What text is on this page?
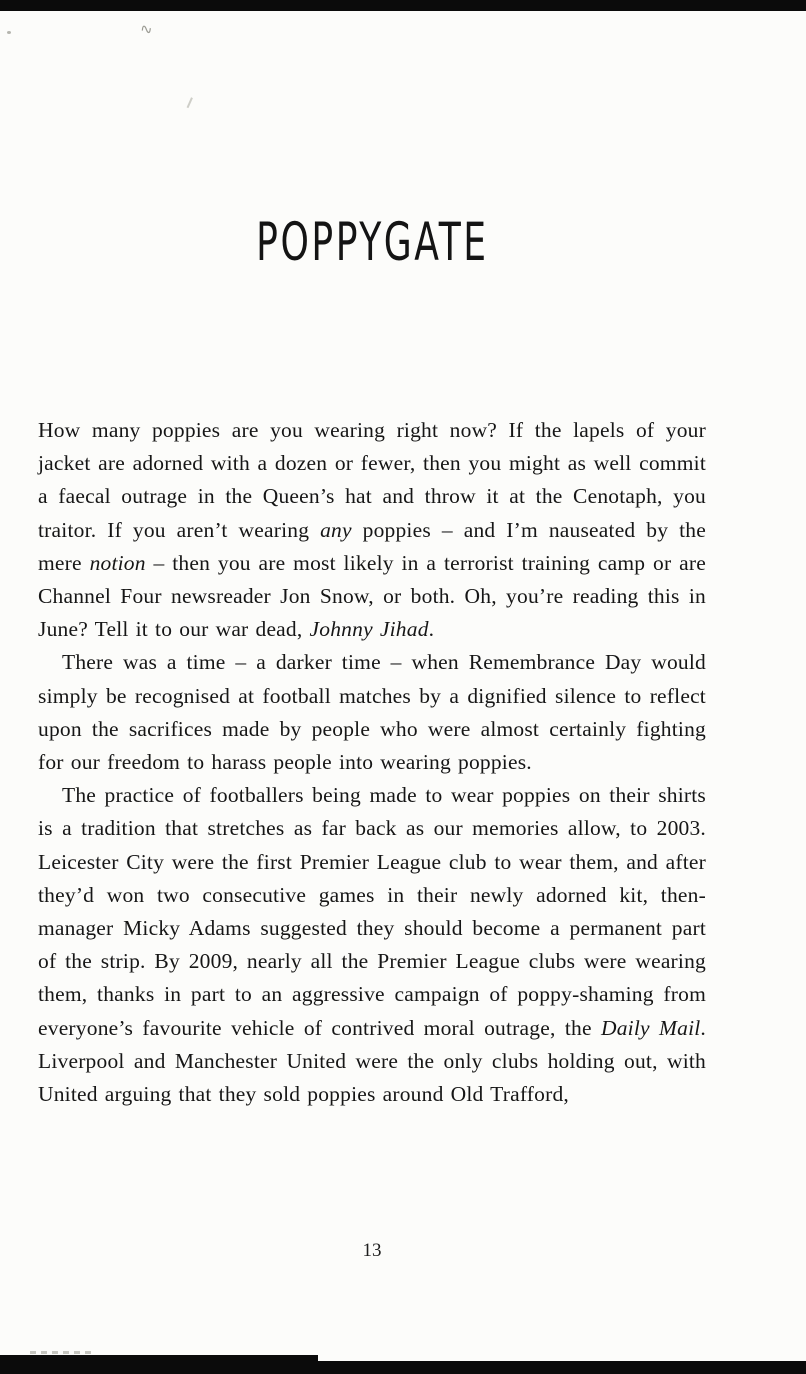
∿
POPPYGATE

How many poppies are you wearing right now? If the lapels of your jacket are adorned with a dozen or fewer, then you might as well commit a faecal outrage in the Queen’s hat and throw it at the Cenotaph, you traitor. If you aren’t wearing any poppies – and I’m nauseated by the mere notion – then you are most likely in a terrorist training camp or are Channel Four newsreader Jon Snow, or both. Oh, you’re reading this in June? Tell it to our war dead, Johnny Jihad.

There was a time – a darker time – when Remembrance Day would simply be recognised at football matches by a dignified silence to reflect upon the sacrifices made by people who were almost certainly fighting for our freedom to harass people into wearing poppies.

The practice of footballers being made to wear poppies on their shirts is a tradition that stretches as far back as our memories allow, to 2003. Leicester City were the first Premier League club to wear them, and after they’d won two consecutive games in their newly adorned kit, then-manager Micky Adams suggested they should become a permanent part of the strip. By 2009, nearly all the Premier League clubs were wearing them, thanks in part to an aggressive campaign of poppy-shaming from everyone’s favourite vehicle of contrived moral outrage, the Daily Mail. Liverpool and Manchester United were the only clubs holding out, with United arguing that they sold poppies around Old Trafford,

13
